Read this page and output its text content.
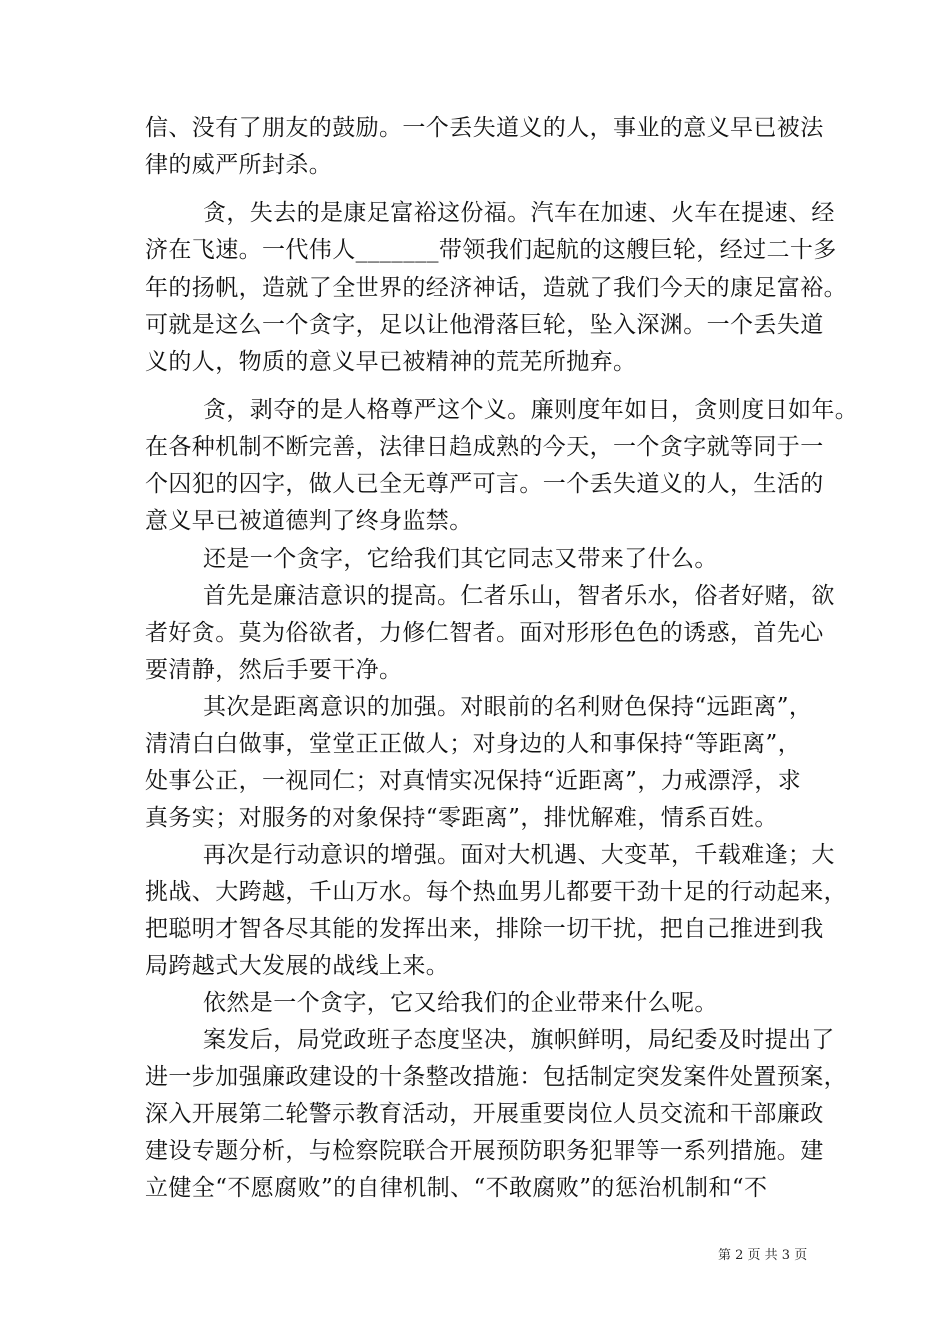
信、没有了朋友的鼓励。一个丢失道义的人，事业的意义早已被法
律的威严所封杀。
贪，失去的是康足富裕这份福。汽车在加速、火车在提速、经
济在飞速。一代伟人_______带领我们起航的这艘巨轮，经过二十多
年的扬帆，造就了全世界的经济神话，造就了我们今天的康足富裕。
可就是这么一个贪字，足以让他滑落巨轮，坠入深渊。一个丢失道
义的人，物质的意义早已被精神的荒芜所抛弃。
贪，剥夺的是人格尊严这个义。廉则度年如日，贪则度日如年。
在各种机制不断完善，法律日趋成熟的今天，一个贪字就等同于一
个囚犯的囚字，做人已全无尊严可言。一个丢失道义的人，生活的
意义早已被道德判了终身监禁。
还是一个贪字，它给我们其它同志又带来了什么。
首先是廉洁意识的提高。仁者乐山，智者乐水，俗者好赌，欲
者好贪。莫为俗欲者，力修仁智者。面对形形色色的诱惑，首先心
要清静，然后手要干净。
其次是距离意识的加强。对眼前的名利财色保持“远距离”，
清清白白做事，堂堂正正做人；对身边的人和事保持“等距离”，
处事公正，一视同仁；对真情实况保持“近距离”，力戒漂浮，求
真务实；对服务的对象保持“零距离”，排忧解难，情系百姓。
再次是行动意识的增强。面对大机遇、大变革，千载难逢；大
挑战、大跨越，千山万水。每个热血男儿都要干劲十足的行动起来，
把聪明才智各尽其能的发挥出来，排除一切干扰，把自己推进到我
局跨越式大发展的战线上来。
依然是一个贪字，它又给我们的企业带来什么呢。
案发后，局党政班子态度坚决，旗帜鲜明，局纪委及时提出了
进一步加强廉政建设的十条整改措施：包括制定突发案件处置预案，
深入开展第二轮警示教育活动，开展重要岗位人员交流和干部廉政
建设专题分析，与检察院联合开展预防职务犯罪等一系列措施。建
立健全“不愿腐败”的自律机制、“不敢腐败”的惩治机制和“不
第 2 页 共 3 页
